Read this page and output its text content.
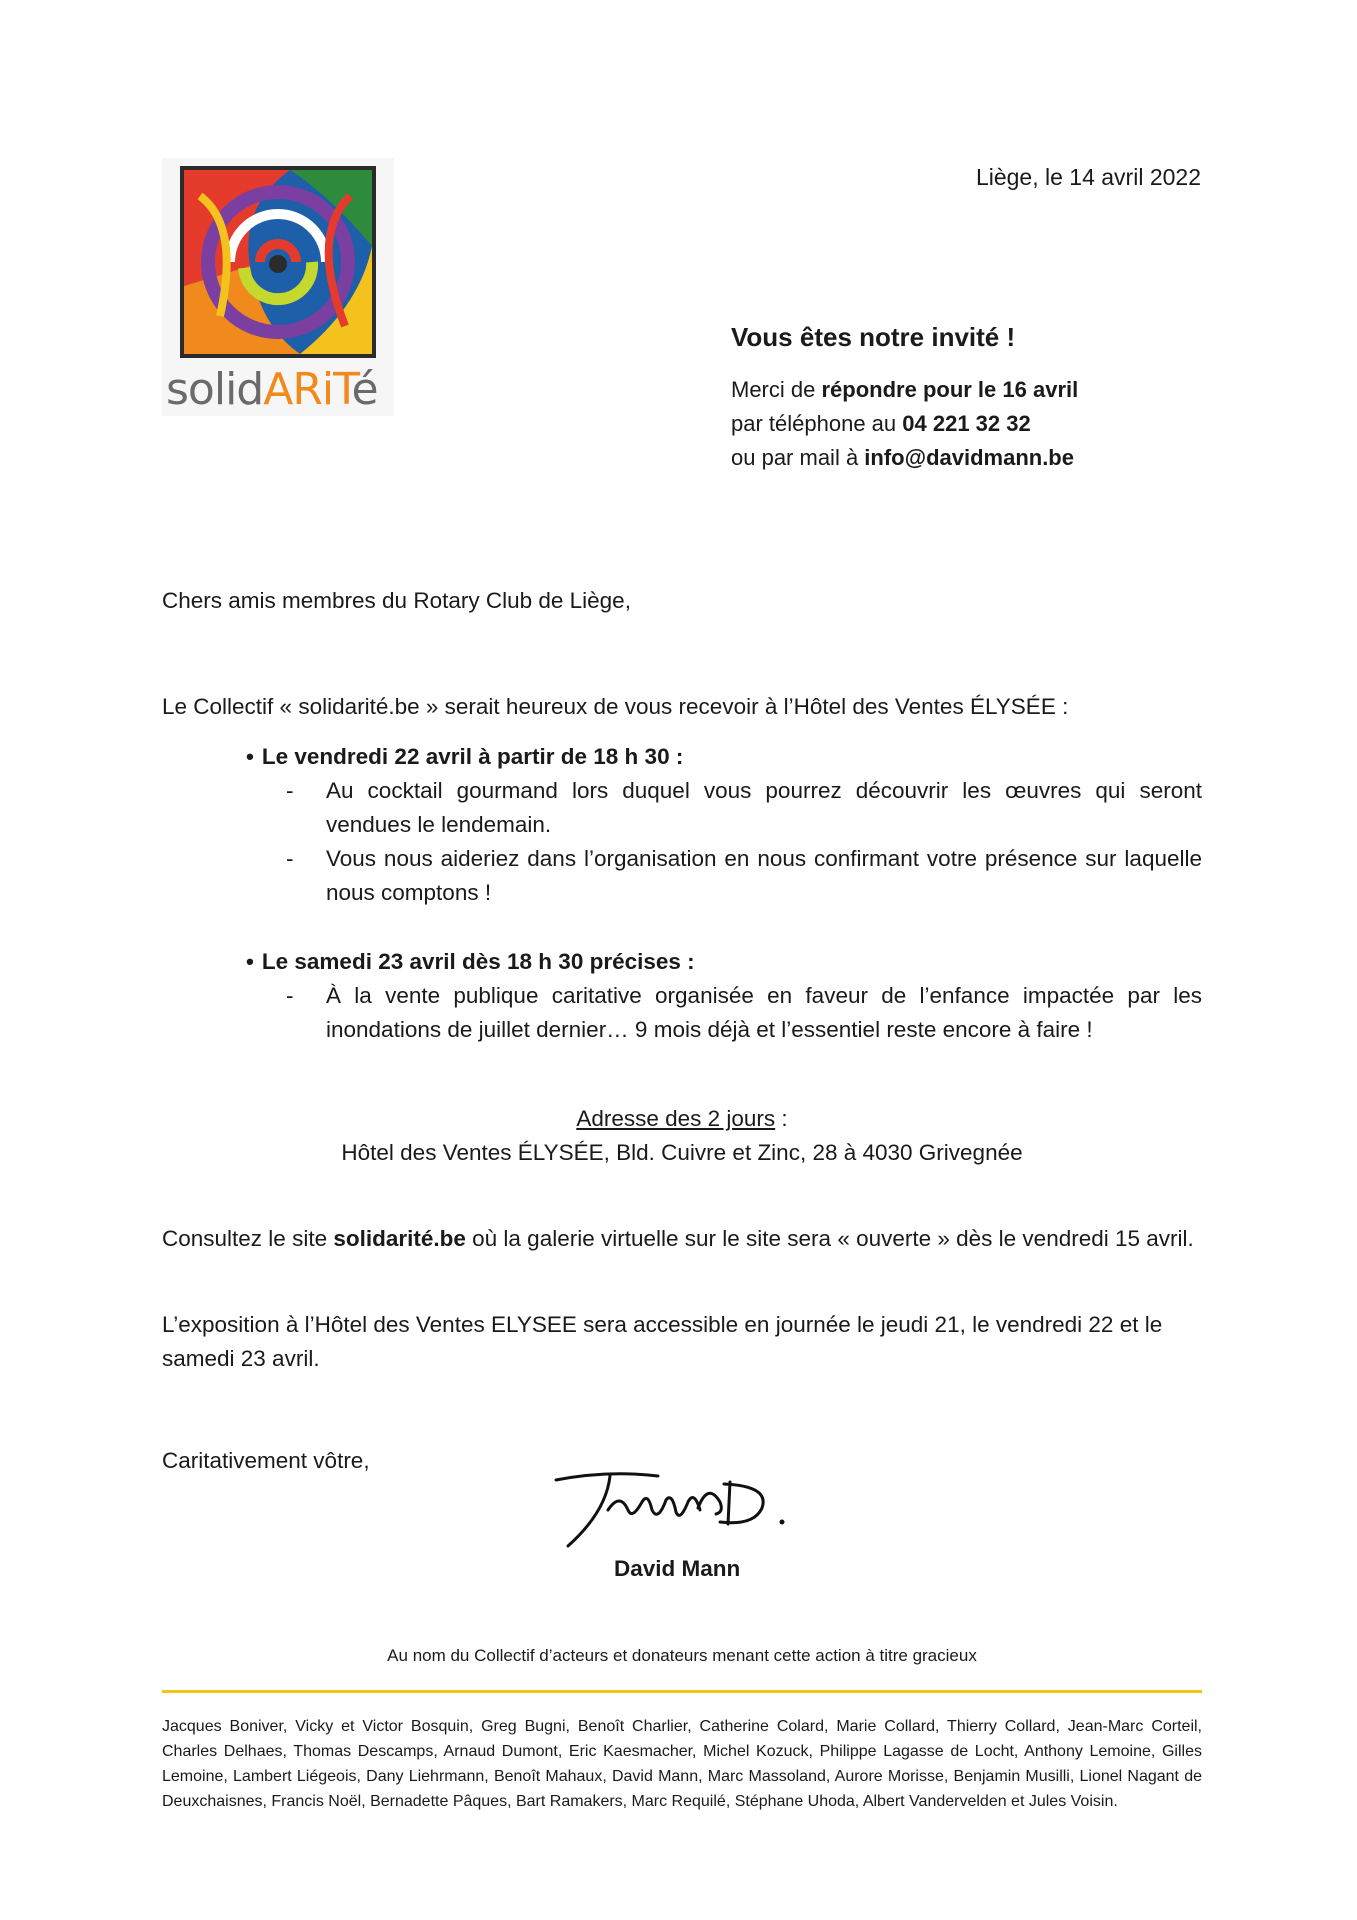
solidARiTé
Liège, le 14 avril 2022

Vous êtes notre invité !

Merci de répondre pour le 16 avril

par téléphone au 04 221 32 32

ou par mail à info@davidmann.be

Chers amis membres du Rotary Club de Liège,
Le Collectif « solidarité.be » serait heureux de vous recevoir à l’Hôtel des Ventes ÉLYSÉE :

• Le vendredi 22 avril à partir de 18 h 30 :

- Au cocktail gourmand lors duquel vous pourrez découvrir les œuvres qui seront vendues le lendemain.
- Vous nous aideriez dans l’organisation en nous confirmant votre présence sur laquelle nous comptons !

• Le samedi 23 avril dès 18 h 30 précises :

- À la vente publique caritative organisée en faveur de l’enfance impactée par les inondations de juillet dernier… 9 mois déjà et l’essentiel reste encore à faire !
Adresse des 2 jours :
Hôtel des Ventes ÉLYSÉE, Bld. Cuivre et Zinc, 28 à 4030 Grivegnée
Consultez le site solidarité.be où la galerie virtuelle sur le site sera « ouverte » dès le vendredi 15 avril.
L’exposition à l’Hôtel des Ventes ELYSEE sera accessible en journée le jeudi 21, le vendredi 22 et le samedi 23 avril.
Caritativement vôtre,
David Mann
Au nom du Collectif d’acteurs et donateurs menant cette action à titre gracieux
Jacques Boniver, Vicky et Victor Bosquin, Greg Bugni, Benoît Charlier, Catherine Colard, Marie Collard, Thierry Collard, Jean-Marc Corteil, Charles Delhaes, Thomas Descamps, Arnaud Dumont, Eric Kaesmacher, Michel Kozuck, Philippe Lagasse de Locht, Anthony Lemoine, Gilles Lemoine, Lambert Liégeois, Dany Liehrmann, Benoît Mahaux, David Mann, Marc Massoland, Aurore Morisse, Benjamin Musilli, Lionel Nagant de Deuxchaisnes, Francis Noël, Bernadette Pâques, Bart Ramakers, Marc Requilé, Stéphane Uhoda, Albert Vandervelden et Jules Voisin.
